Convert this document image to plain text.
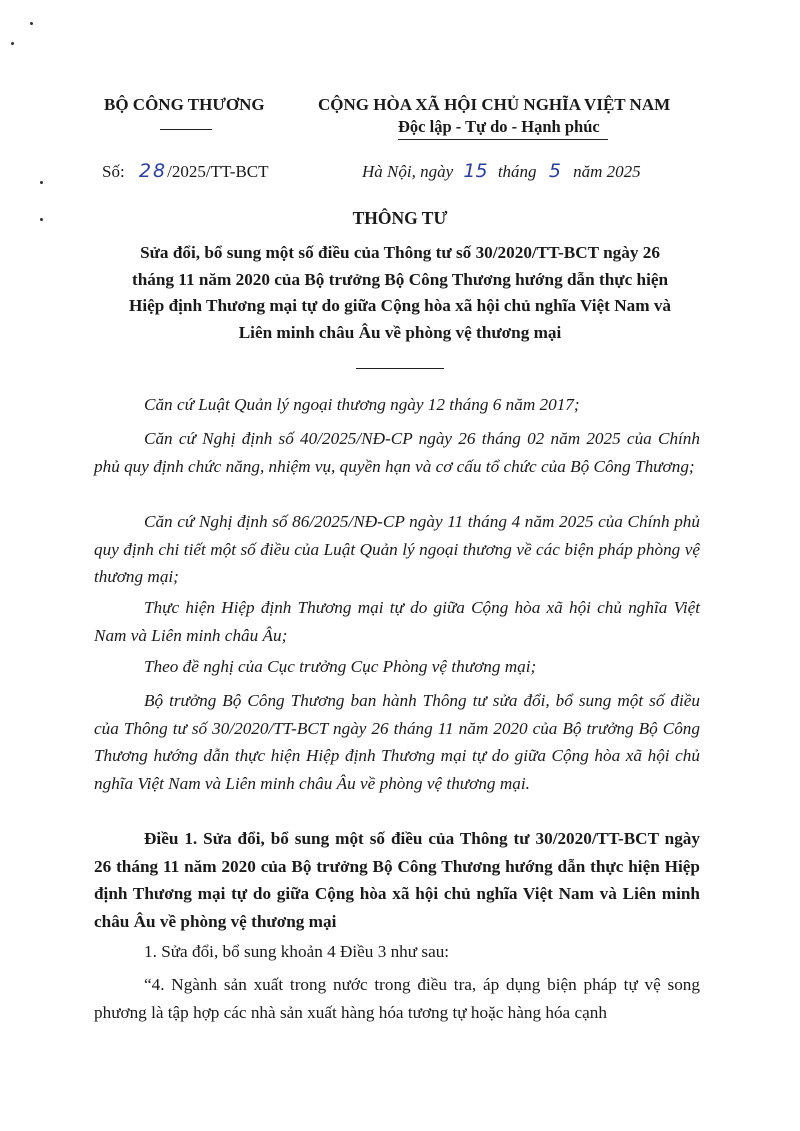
BỘ CÔNG THƯƠNG	CỘNG HÒA XÃ HỘI CHỦ NGHĨA VIỆT NAM
Độc lập - Tự do - Hạnh phúc
Số: 28/2025/TT-BCT	Hà Nội, ngày 15 tháng 5 năm 2025
THÔNG TƯ
Sửa đổi, bổ sung một số điều của Thông tư số 30/2020/TT-BCT ngày 26
tháng 11 năm 2020 của Bộ trưởng Bộ Công Thương hướng dẫn thực hiện
Hiệp định Thương mại tự do giữa Cộng hòa xã hội chủ nghĩa Việt Nam và
Liên minh châu Âu về phòng vệ thương mại
Căn cứ Luật Quản lý ngoại thương ngày 12 tháng 6 năm 2017;
Căn cứ Nghị định số 40/2025/NĐ-CP ngày 26 tháng 02 năm 2025 của Chính phủ quy định chức năng, nhiệm vụ, quyền hạn và cơ cấu tổ chức của Bộ Công Thương;
Căn cứ Nghị định số 86/2025/NĐ-CP ngày 11 tháng 4 năm 2025 của Chính phủ quy định chi tiết một số điều của Luật Quản lý ngoại thương về các biện pháp phòng vệ thương mại;
Thực hiện Hiệp định Thương mại tự do giữa Cộng hòa xã hội chủ nghĩa Việt Nam và Liên minh châu Âu;
Theo đề nghị của Cục trưởng Cục Phòng vệ thương mại;
Bộ trưởng Bộ Công Thương ban hành Thông tư sửa đổi, bổ sung một số điều của Thông tư số 30/2020/TT-BCT ngày 26 tháng 11 năm 2020 của Bộ trưởng Bộ Công Thương hướng dẫn thực hiện Hiệp định Thương mại tự do giữa Cộng hòa xã hội chủ nghĩa Việt Nam và Liên minh châu Âu về phòng vệ thương mại.
Điều 1. Sửa đổi, bổ sung một số điều của Thông tư 30/2020/TT-BCT ngày 26 tháng 11 năm 2020 của Bộ trưởng Bộ Công Thương hướng dẫn thực hiện Hiệp định Thương mại tự do giữa Cộng hòa xã hội chủ nghĩa Việt Nam và Liên minh châu Âu về phòng vệ thương mại
1. Sửa đổi, bổ sung khoản 4 Điều 3 như sau:
“4. Ngành sản xuất trong nước trong điều tra, áp dụng biện pháp tự vệ song phương là tập hợp các nhà sản xuất hàng hóa tương tự hoặc hàng hóa cạnh
